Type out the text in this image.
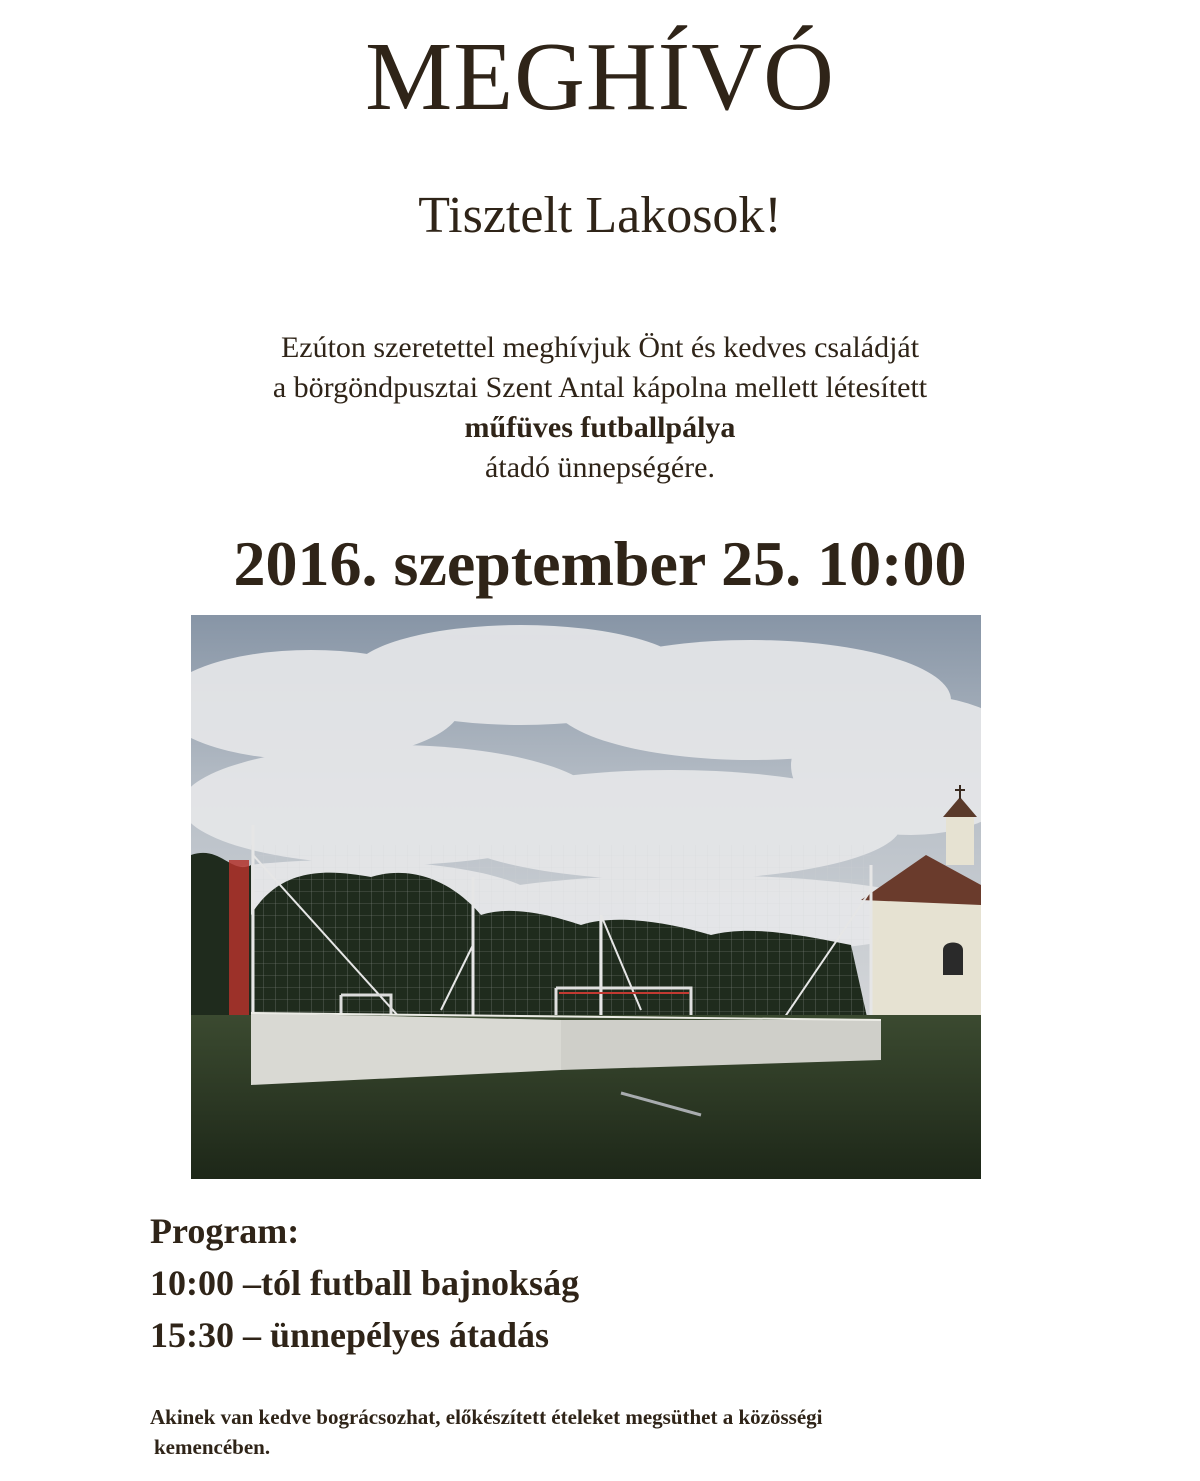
MEGHÍVÓ
Tisztelt Lakosok!
Ezúton szeretettel meghívjuk Önt és kedves családját
a börgöndpusztai Szent Antal kápolna mellett létesített
műfüves futballpálya
átadó ünnepségére.
2016. szeptember 25. 10:00
Program:
10:00 –tól futball bajnokság
15:30 – ünnepélyes átadás
Akinek van kedve bográcsozhat, előkészített ételeket megsüthet a közösségi
kemencében.
